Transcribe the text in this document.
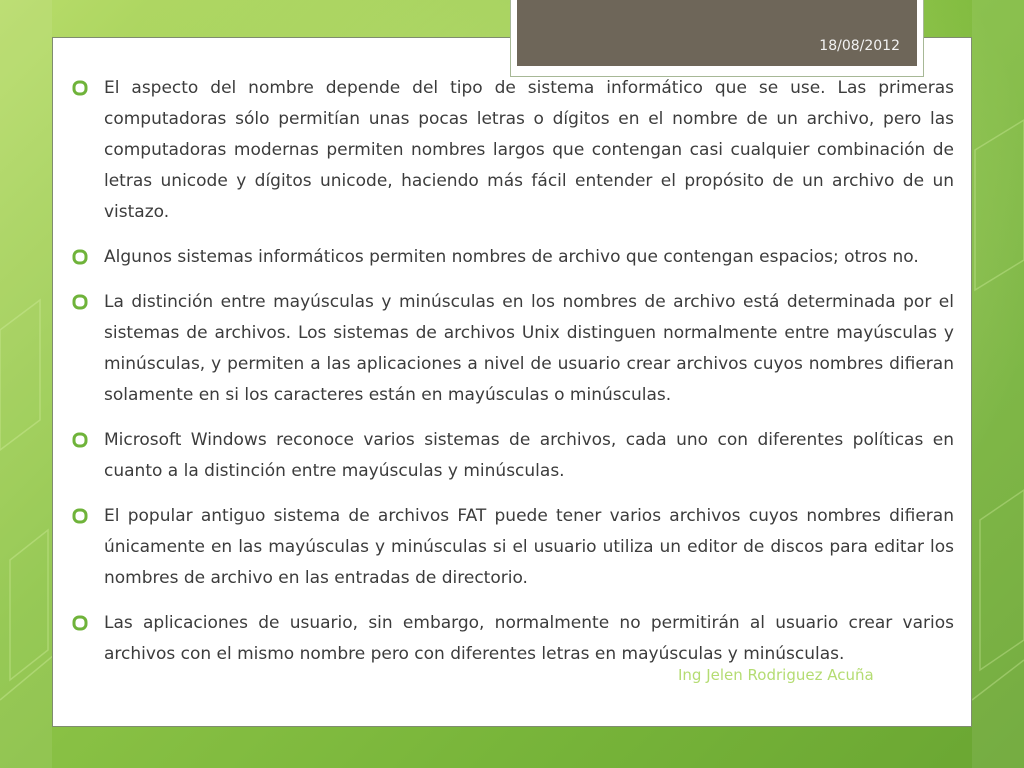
18/08/2012
El aspecto del nombre depende del tipo de sistema informático que se use. Las primeras computadoras sólo permitían unas pocas letras o dígitos en el nombre de un archivo, pero las computadoras modernas permiten nombres largos que contengan casi cualquier combinación de letras unicode y dígitos unicode, haciendo más fácil entender el propósito de un archivo de un vistazo.
Algunos sistemas informáticos permiten nombres de archivo que contengan espacios; otros no.
La distinción entre mayúsculas y minúsculas en los nombres de archivo está determinada por el sistemas de archivos. Los sistemas de archivos Unix distinguen normalmente entre mayúsculas y minúsculas, y permiten a las aplicaciones a nivel de usuario crear archivos cuyos nombres difieran solamente en si los caracteres están en mayúsculas o minúsculas.
Microsoft Windows reconoce varios sistemas de archivos, cada uno con diferentes políticas en cuanto a la distinción entre mayúsculas y minúsculas.
El popular antiguo sistema de archivos FAT puede tener varios archivos cuyos nombres difieran únicamente en las mayúsculas y minúsculas si el usuario utiliza un editor de discos para editar los nombres de archivo en las entradas de directorio.
Las aplicaciones de usuario, sin embargo, normalmente no permitirán al usuario crear varios archivos con el mismo nombre pero con diferentes letras en mayúsculas y minúsculas.
Ing Jelen Rodriguez Acuña
